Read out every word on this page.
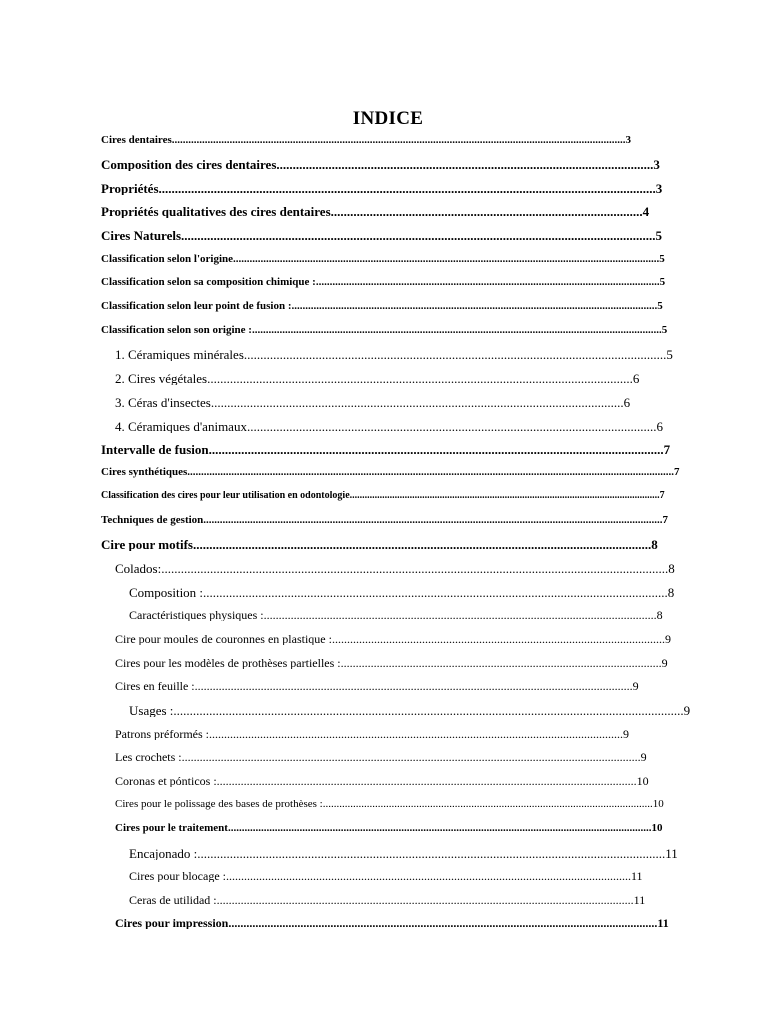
INDICE
Cires dentaires.....................................................................................................................................................................3
Composition des cires dentaires....................................................................................................................3
Propriétés.........................................................................................................................................................3
Propriétés qualitatives des cires dentaires................................................................................................4
Cires Naturels..................................................................................................................................................5
Classification selon l'origine...........................................................................................................................................................5
Classification selon sa composition chimique :.............................................................................................................................5
Classification selon leur point de fusion :.....................................................................................................................................5
Classification selon son origine :.....................................................................................................................................................5
1. Céramiques minérales..................................................................................................................................5
2. Cires végétales...................................................................................................................................6
3. Céras d'insectes...............................................................................................................................6
4. Céramiques d'animaux..............................................................................................................................6
Intervalle de fusion............................................................................................................................................7
Cires synthétiques.................................................................................................................................................................................7
Classification des cires pour leur utilisation en odontologie............................................................................................................................7
Techniques de gestion.......................................................................................................................................................................7
Cire pour motifs.............................................................................................................................................8
Colados:............................................................................................................................................................8
Composition :...............................................................................................................................................8
Caractéristiques physiques :...................................................................................................................................8
Cire pour moules de couronnes en plastique :...............................................................................................................9
Cires pour les modèles de prothèses partielles :...........................................................................................................9
Cires en feuille :..................................................................................................................................................9
Usages :.............................................................................................................................................................9
Patrons préformés :..........................................................................................................................................9
Les crochets :.........................................................................................................................................................9
Coronas et pónticos :............................................................................................................................................10
Cires pour le polissage des bases de prothèses :........................................................................................................................10
Cires pour le traitement..........................................................................................................................................................10
Encajonado :................................................................................................................................................11
Cires pour blocage :.......................................................................................................................................11
Ceras de utilidad :...........................................................................................................................................11
Cires pour impression...............................................................................................................................................11
